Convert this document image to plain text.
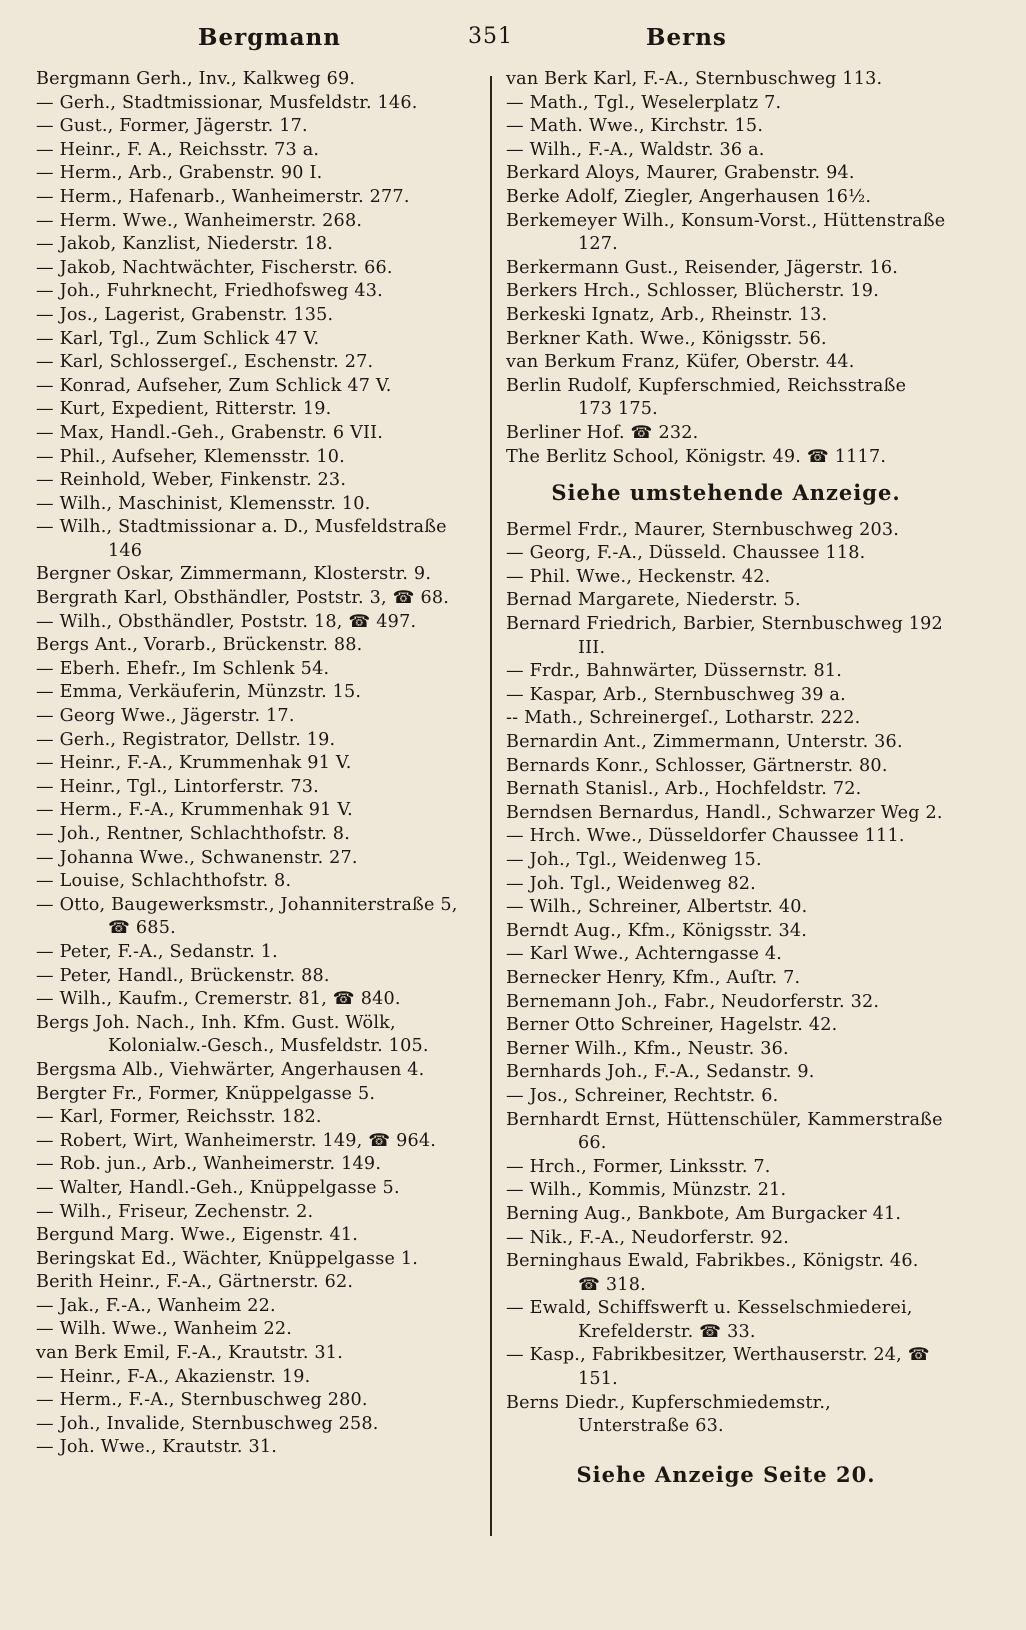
Bergmann	351	Berns
Bergmann Gerh., Inv., Kalkweg 69.
— Gerh., Stadtmissionar, Musfeldstr. 146.
— Gust., Former, Jägerstr. 17.
— Heinr., F. A., Reichsstr. 73 a.
— Herm., Arb., Grabenstr. 90 I.
— Herm., Hafenarb., Wanheimerstr. 277.
— Herm. Wwe., Wanheimerstr. 268.
— Jakob, Kanzlist, Niederstr. 18.
— Jakob, Nachtwächter, Fischerstr. 66.
— Joh., Fuhrknecht, Friedhofsweg 43.
— Jos., Lagerist, Grabenstr. 135.
— Karl, Tgl., Zum Schlick 47 V.
— Karl, Schlossergeſ., Eschenstr. 27.
— Konrad, Aufseher, Zum Schlick 47 V.
— Kurt, Expedient, Ritterstr. 19.
— Max, Handl.-Geh., Grabenstr. 6 VII.
— Phil., Aufseher, Klemensstr. 10.
— Reinhold, Weber, Finkenstr. 23.
— Wilh., Maschinist, Klemensstr. 10.
— Wilh., Stadtmissionar a. D., Musfeldstraße 146
Bergner Oskar, Zimmermann, Klosterstr. 9.
Bergrath Karl, Obsthändler, Poststr. 3, ☎ 68.
— Wilh., Obsthändler, Poststr. 18, ☎ 497.
Bergs Ant., Vorarb., Brückenstr. 88.
— Eberh. Ehefr., Im Schlenk 54.
— Emma, Verkäuferin, Münzstr. 15.
— Georg Wwe., Jägerstr. 17.
— Gerh., Registrator, Dellstr. 19.
— Heinr., F.-A., Krummenhak 91 V.
— Heinr., Tgl., Lintorferstr. 73.
— Herm., F.-A., Krummenhak 91 V.
— Joh., Rentner, Schlachthofstr. 8.
— Johanna Wwe., Schwanenstr. 27.
— Louise, Schlachthofstr. 8.
— Otto, Baugewerksmstr., Johanniterstraße 5, ☎ 685.
— Peter, F.-A., Sedanstr. 1.
— Peter, Handl., Brückenstr. 88.
— Wilh., Kaufm., Cremerstr. 81, ☎ 840.
Bergs Joh. Nach., Inh. Kfm. Gust. Wölk, Kolonialw.-Gesch., Musfeldstr. 105.
Bergsma Alb., Viehwärter, Angerhausen 4.
Bergter Fr., Former, Knüppelgasse 5.
— Karl, Former, Reichsstr. 182.
— Robert, Wirt, Wanheimerstr. 149, ☎ 964.
— Rob. jun., Arb., Wanheimerstr. 149.
— Walter, Handl.-Geh., Knüppelgasse 5.
— Wilh., Friseur, Zechenstr. 2.
Bergund Marg. Wwe., Eigenstr. 41.
Beringskat Ed., Wächter, Knüppelgasse 1.
Berith Heinr., F.-A., Gärtnerstr. 62.
— Jak., F.-A., Wanheim 22.
— Wilh. Wwe., Wanheim 22.
van Berk Emil, F.-A., Krautstr. 31.
— Heinr., F-A., Akazienstr. 19.
— Herm., F.-A., Sternbuschweg 280.
— Joh., Invalide, Sternbuschweg 258.
— Joh. Wwe., Krautstr. 31.
van Berk Karl, F.-A., Sternbuschweg 113.
— Math., Tgl., Weselerplatz 7.
— Math. Wwe., Kirchstr. 15.
— Wilh., F.-A., Waldstr. 36 a.
Berkard Aloys, Maurer, Grabenstr. 94.
Berke Adolf, Ziegler, Angerhausen 16½.
Berkemeyer Wilh., Konsum-Vorst., Hüttenstraße 127.
Berkermann Gust., Reisender, Jägerstr. 16.
Berkers Hrch., Schlosser, Blücherstr. 19.
Berkeski Ignatz, Arb., Rheinstr. 13.
Berkner Kath. Wwe., Königsstr. 56.
van Berkum Franz, Küfer, Oberstr. 44.
Berlin Rudolf, Kupferschmied, Reichsstraße 173 175.
Berliner Hof. ☎ 232.
The Berlitz School, Königstr. 49. ☎ 1117.
Siehe umstehende Anzeige.
Bermel Frdr., Maurer, Sternbuschweg 203.
— Georg, F.-A., Düsseld. Chaussee 118.
— Phil. Wwe., Heckenstr. 42.
Bernad Margarete, Niederstr. 5.
Bernard Friedrich, Barbier, Sternbuschweg 192 III.
— Frdr., Bahnwärter, Düssernstr. 81.
— Kaspar, Arb., Sternbuschweg 39 a.
-- Math., Schreinergeſ., Lotharstr. 222.
Bernardin Ant., Zimmermann, Unterstr. 36.
Bernards Konr., Schlosser, Gärtnerstr. 80.
Bernath Stanisl., Arb., Hochfeldstr. 72.
Berndsen Bernardus, Handl., Schwarzer Weg 2.
— Hrch. Wwe., Düsseldorfer Chaussee 111.
— Joh., Tgl., Weidenweg 15.
— Joh. Tgl., Weidenweg 82.
— Wilh., Schreiner, Albertstr. 40.
Berndt Aug., Kfm., Königsstr. 34.
— Karl Wwe., Achterngasse 4.
Bernecker Henry, Kfm., Auſtr. 7.
Bernemann Joh., Fabr., Neudorferstr. 32.
Berner Otto Schreiner, Hagelstr. 42.
Berner Wilh., Kfm., Neustr. 36.
Bernhards Joh., F.-A., Sedanstr. 9.
— Jos., Schreiner, Rechtstr. 6.
Bernhardt Ernst, Hüttenschüler, Kammerstraße 66.
— Hrch., Former, Linksstr. 7.
— Wilh., Kommis, Münzstr. 21.
Berning Aug., Bankbote, Am Burgacker 41.
— Nik., F.-A., Neudorferstr. 92.
Berninghaus Ewald, Fabrikbes., Königstr. 46. ☎ 318.
— Ewald, Schiffswerft u. Kesselschmiederei, Krefelderstr. ☎ 33.
— Kasp., Fabrikbesitzer, Werthauserstr. 24, ☎ 151.
Berns Diedr., Kupferschmiedemstr., Unterstraße 63.
Siehe Anzeige Seite 20.
